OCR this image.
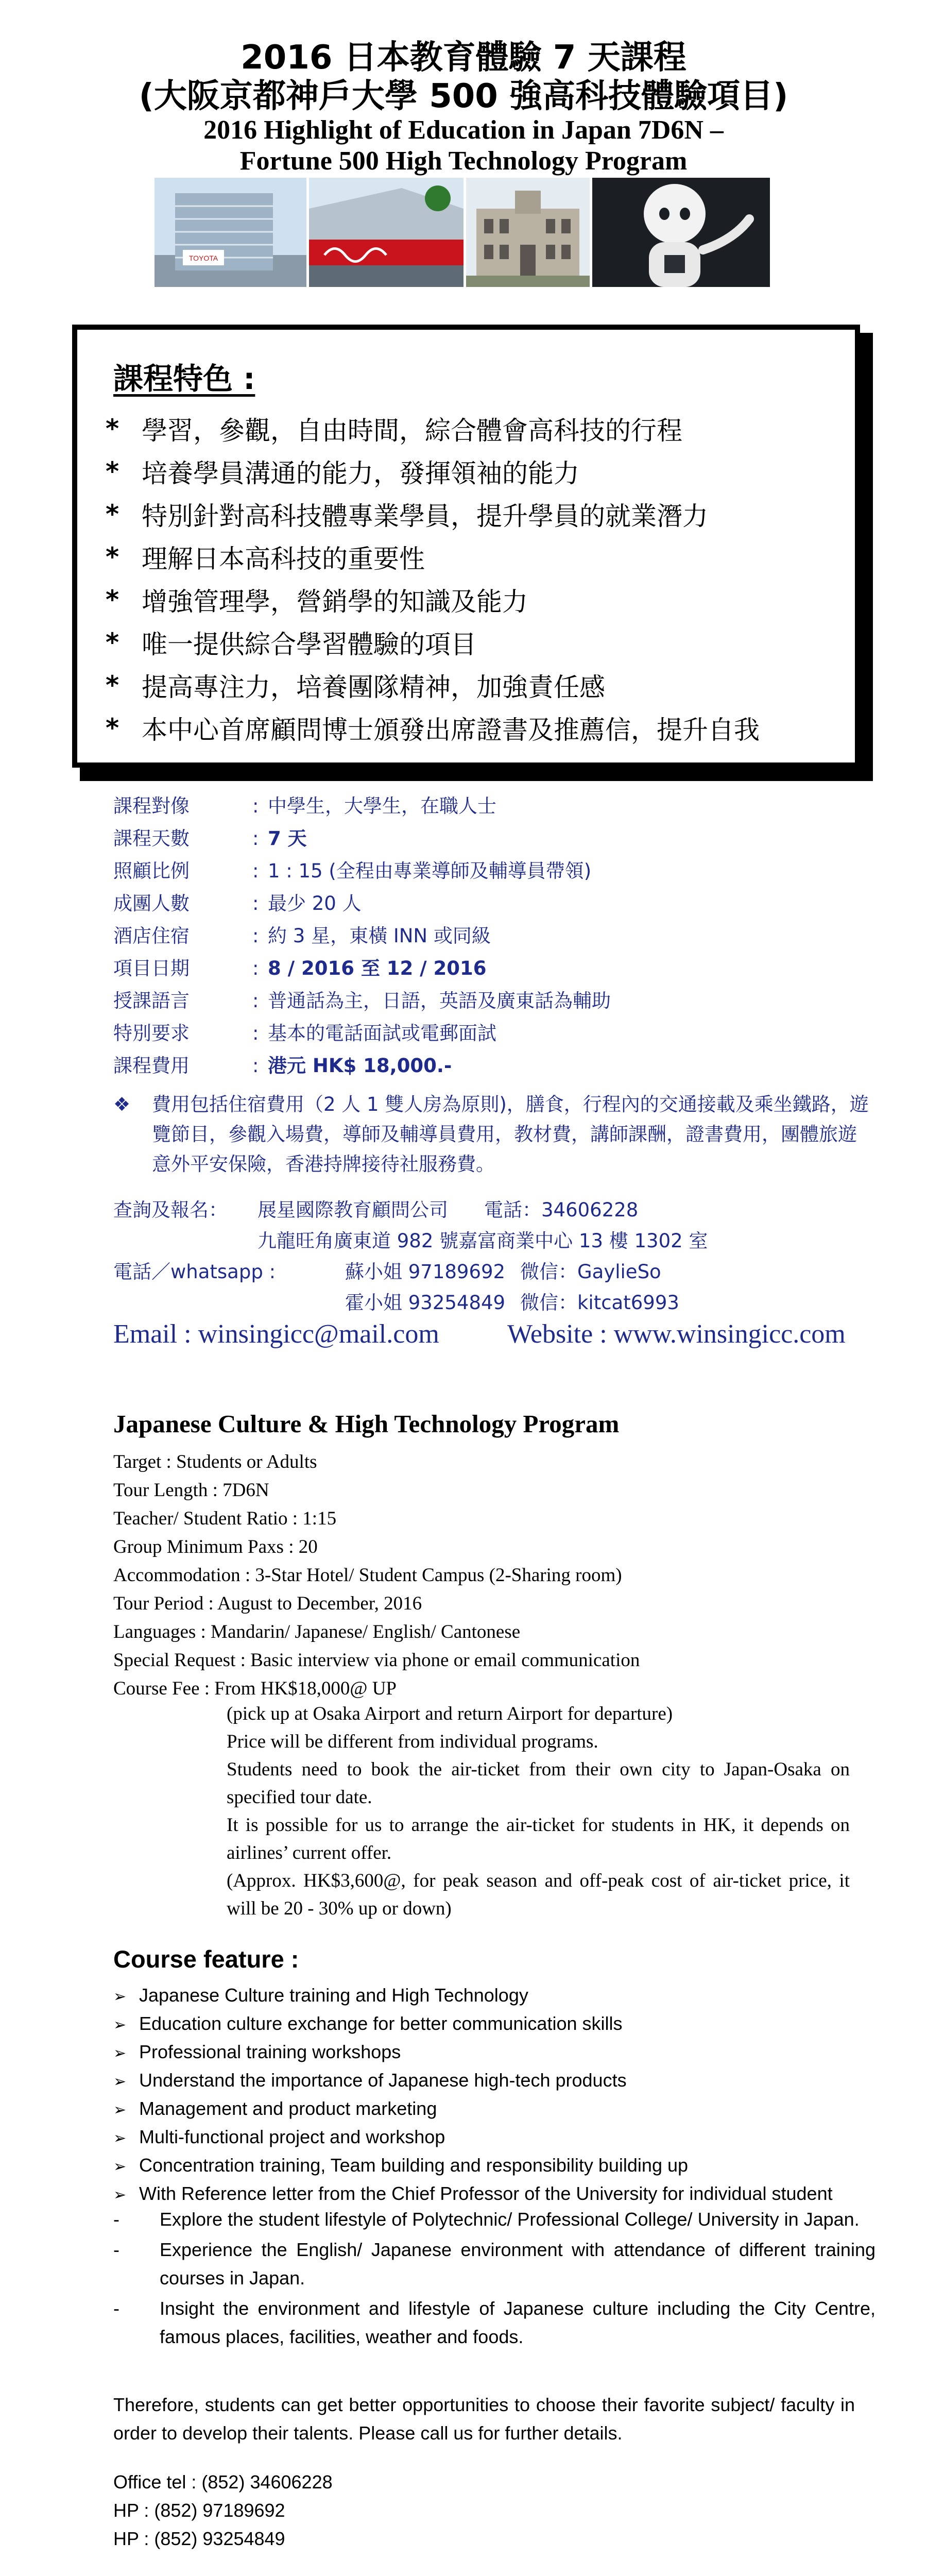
2016 日本教育體驗 7 天課程
(大阪京都神戶大學 500 強高科技體驗項目)
2016 Highlight of Education in Japan 7D6N –
Fortune 500 High Technology Program
TOYOTA
課程特色 :
* 學習，參觀，自由時間，綜合體會高科技的行程
* 培養學員溝通的能力，發揮領袖的能力
* 特別針對高科技體專業學員，提升學員的就業潛力
* 理解日本高科技的重要性
* 增強管理學，營銷學的知識及能力
* 唯一提供綜合學習體驗的項目
* 提高專注力，培養團隊精神，加強責任感
* 本中心首席顧問博士頒發出席證書及推薦信，提升自我
課程對像	: 中學生，大學生，在職人士
課程天數	: 7 天
照顧比例	: 1 : 15 (全程由專業導師及輔導員帶領)
成團人數	: 最少 20 人
酒店住宿	: 約 3 星，東橫 INN 或同級
項目日期	: 8 / 2016 至 12 / 2016
授課語言	: 普通話為主，日語，英語及廣東話為輔助
特別要求	: 基本的電話面試或電郵面試
課程費用	: 港元 HK$ 18,000.-
❖	費用包括住宿費用（2 人 1 雙人房為原則)，膳食，行程內的交通接載及乘坐鐵路，遊覽節目，參觀入場費，導師及輔導員費用，教材費，講師課酬，證書費用，團體旅遊意外平安保險，香港持牌接待社服務費。
查詢及報名： 展星國際教育顧問公司 電話：34606228
九龍旺角廣東道 982 號嘉富商業中心 13 樓 1302 室
電話／whatsapp :	蘇小姐 97189692 微信：GaylieSo
霍小姐 93254849 微信：kitcat6993
Email : winsingicc@mail.com	Website : www.winsingicc.com
Japanese Culture & High Technology Program
Target : Students or Adults
Tour Length : 7D6N
Teacher/ Student Ratio : 1:15
Group Minimum Paxs : 20
Accommodation : 3-Star Hotel/ Student Campus (2-Sharing room)
Tour Period : August to December, 2016
Languages : Mandarin/ Japanese/ English/ Cantonese
Special Request : Basic interview via phone or email communication
Course Fee : From HK$18,000@ UP

(pick up at Osaka Airport and return Airport for departure)

Price will be different from individual programs.

Students need to book the air-ticket from their own city to Japan-Osaka on specified tour date.

It is possible for us to arrange the air-ticket for students in HK, it depends on airlines’ current offer.

(Approx. HK$3,600@, for peak season and off-peak cost of air-ticket price, it will be 20 - 30% up or down)

Course feature :
➢ Japanese Culture training and High Technology
➢ Education culture exchange for better communication skills
➢ Professional training workshops
➢ Understand the importance of Japanese high-tech products
➢ Management and product marketing
➢ Multi-functional project and workshop
➢ Concentration training, Team building and responsibility building up
➢ With Reference letter from the Chief Professor of the University for individual student
- Explore the student lifestyle of Polytechnic/ Professional College/ University in Japan.
- Experience the English/ Japanese environment with attendance of different training courses in Japan.
- Insight the environment and lifestyle of Japanese culture including the City Centre, famous places, facilities, weather and foods.
Therefore, students can get better opportunities to choose their favorite subject/ faculty in order to develop their talents. Please call us for further details.
Office tel : (852) 34606228
HP : (852) 97189692
HP : (852) 93254849
